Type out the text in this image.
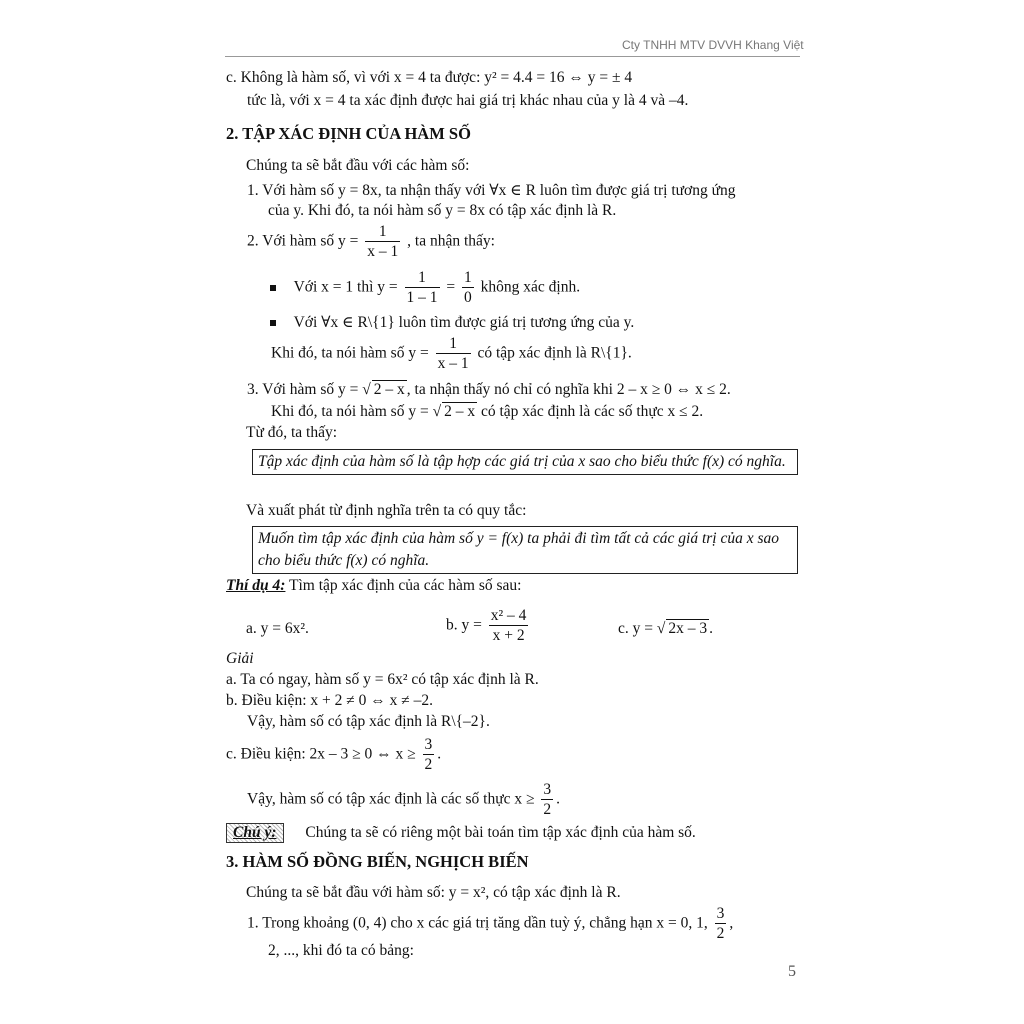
Cty TNHH MTV DVVH Khang Việt
c. Không là hàm số, vì với x = 4 ta được: y² = 4.4 = 16 ⇔ y = ± 4
tức là, với x = 4 ta xác định được hai giá trị khác nhau của y là 4 và –4.
2. TẬP XÁC ĐỊNH CỦA HÀM SỐ
Chúng ta sẽ bắt đầu với các hàm số:
1. Với hàm số y = 8x, ta nhận thấy với ∀x ∈ R luôn tìm được giá trị tương ứng
của y. Khi đó, ta nói hàm số y = 8x có tập xác định là R.
2. Với hàm số $y = \frac{1}{x - 1}$ , ta nhận thấy:
Với x = 1 thì $y = \frac{1}{1 - 1} = \frac{1}{0}$ không xác định.
Với ∀x ∈ R\{1} luôn tìm được giá trị tương ứng của y.
Khi đó, ta nói hàm số $y = \frac{1}{x - 1}$ có tập xác định là R\{1}.
3. Với hàm số y = √ 2 – x , ta nhận thấy nó chỉ có nghĩa khi 2 – x ≥ 0 ⇔ x ≤ 2.
Khi đó, ta nói hàm số y = √ 2 – x có tập xác định là các số thực x ≤ 2.
Từ đó, ta thấy:
Tập xác định của hàm số là tập hợp các giá trị của x sao cho biểu thức f(x) có nghĩa.
Và xuất phát từ định nghĩa trên ta có quy tắc:
Muốn tìm tập xác định của hàm số y = f(x) ta phải đi tìm tất cả các giá trị của x sao cho biểu thức f(x) có nghĩa.
Thí dụ 4: Tìm tập xác định của các hàm số sau:
a. y = 6x².	b. $y = \frac{\text{x² – 4}}{x + 2}$	c. y = √ 2x – 3 .
Giải
a. Ta có ngay, hàm số y = 6x² có tập xác định là R.
b. Điều kiện: x + 2 ≠ 0 ⇔ x ≠ –2.
Vậy, hàm số có tập xác định là R\{–2}.
c. Điều kiện: 2x – 3 ≥ 0 ⇔ $x \ge \frac{3}{2}$ .
Vậy, hàm số có tập xác định là các số thực $x \ge \frac{3}{2}$ .
Chú ý: Chúng ta sẽ có riêng một bài toán tìm tập xác định của hàm số.
3. HÀM SỐ ĐỒNG BIẾN, NGHỊCH BIẾN
Chúng ta sẽ bắt đầu với hàm số: y = x², có tập xác định là R.
1. Trong khoảng (0, 4) cho x các giá trị tăng dần tuỳ ý, chẳng hạn x = 0, 1, $\frac{3}{2}$ ,
2, ..., khi đó ta có bảng:
5
